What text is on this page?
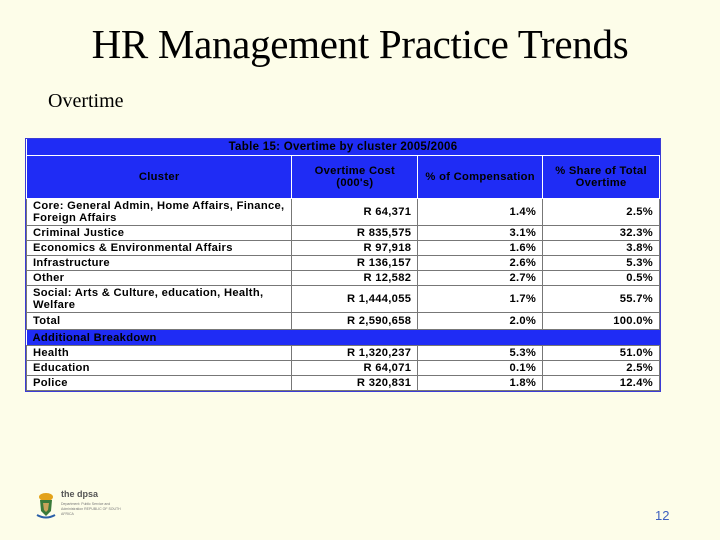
HR Management Practice Trends
Overtime
Table 15: Overtime by cluster 2005/2006			
Cluster	Overtime Cost (000's)	% of Compensation	% Share of Total Overtime
Core: General Admin, Home Affairs, Finance, Foreign Affairs	R 64,371	1.4%	2.5%
Criminal Justice	R 835,575	3.1%	32.3%
Economics & Environmental Affairs	R 97,918	1.6%	3.8%
Infrastructure	R 136,157	2.6%	5.3%
Other	R 12,582	2.7%	0.5%
Social: Arts & Culture, education, Health, Welfare	R 1,444,055	1.7%	55.7%
Total	R 2,590,658	2.0%	100.0%
Additional Breakdown			
Health	R 1,320,237	5.3%	51.0%
Education	R 64,071	0.1%	2.5%
Police	R 320,831	1.8%	12.4%
the dpsa
Department: Public Service and Administration REPUBLIC OF SOUTH AFRICA	12
